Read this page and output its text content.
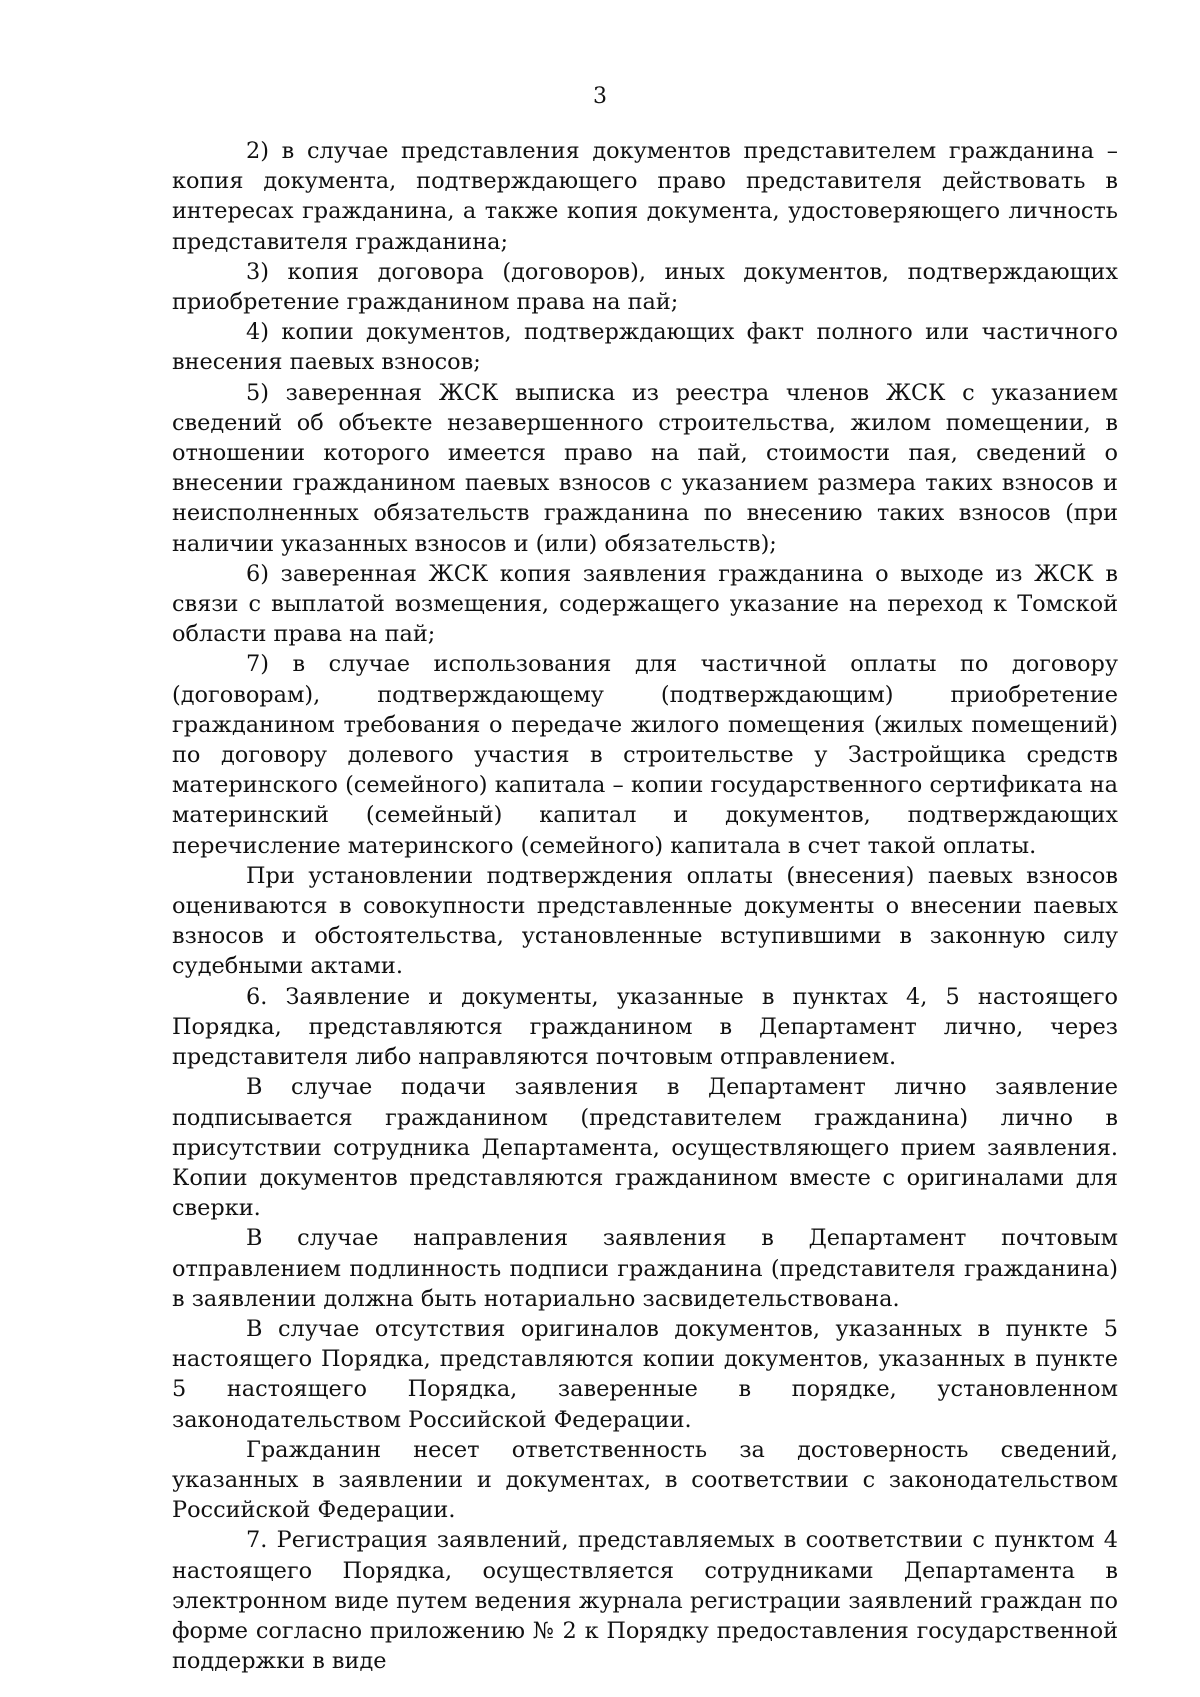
3

2) в случае представления документов представителем гражданина – копия документа, подтверждающего право представителя действовать в интересах гражданина, а также копия документа, удостоверяющего личность представителя гражданина;

3) копия договора (договоров), иных документов, подтверждающих приобретение гражданином права на пай;

4) копии документов, подтверждающих факт полного или частичного внесения паевых взносов;

5) заверенная ЖСК выписка из реестра членов ЖСК с указанием сведений об объекте незавершенного строительства, жилом помещении, в отношении которого имеется право на пай, стоимости пая, сведений о внесении гражданином паевых взносов с указанием размера таких взносов и неисполненных обязательств гражданина по внесению таких взносов (при наличии указанных взносов и (или) обязательств);

6) заверенная ЖСК копия заявления гражданина о выходе из ЖСК в связи с выплатой возмещения, содержащего указание на переход к Томской области права на пай;

7) в случае использования для частичной оплаты по договору (договорам), подтверждающему (подтверждающим) приобретение гражданином требования о передаче жилого помещения (жилых помещений) по договору долевого участия в строительстве у Застройщика средств материнского (семейного) капитала – копии государственного сертификата на материнский (семейный) капитал и документов, подтверждающих перечисление материнского (семейного) капитала в счет такой оплаты.

При установлении подтверждения оплаты (внесения) паевых взносов оцениваются в совокупности представленные документы о внесении паевых взносов и обстоятельства, установленные вступившими в законную силу судебными актами.

6. Заявление и документы, указанные в пунктах 4, 5 настоящего Порядка, представляются гражданином в Департамент лично, через представителя либо направляются почтовым отправлением.

В случае подачи заявления в Департамент лично заявление подписывается гражданином (представителем гражданина) лично в присутствии сотрудника Департамента, осуществляющего прием заявления. Копии документов представляются гражданином вместе с оригиналами для сверки.

В случае направления заявления в Департамент почтовым отправлением подлинность подписи гражданина (представителя гражданина) в заявлении должна быть нотариально засвидетельствована.

В случае отсутствия оригиналов документов, указанных в пункте 5 настоящего Порядка, представляются копии документов, указанных в пункте 5 настоящего Порядка, заверенные в порядке, установленном законодательством Российской Федерации.

Гражданин несет ответственность за достоверность сведений, указанных в заявлении и документах, в соответствии с законодательством Российской Федерации.

7. Регистрация заявлений, представляемых в соответствии с пунктом 4 настоящего Порядка, осуществляется сотрудниками Департамента в электронном виде путем ведения журнала регистрации заявлений граждан по форме согласно приложению № 2 к Порядку предоставления государственной поддержки в виде
